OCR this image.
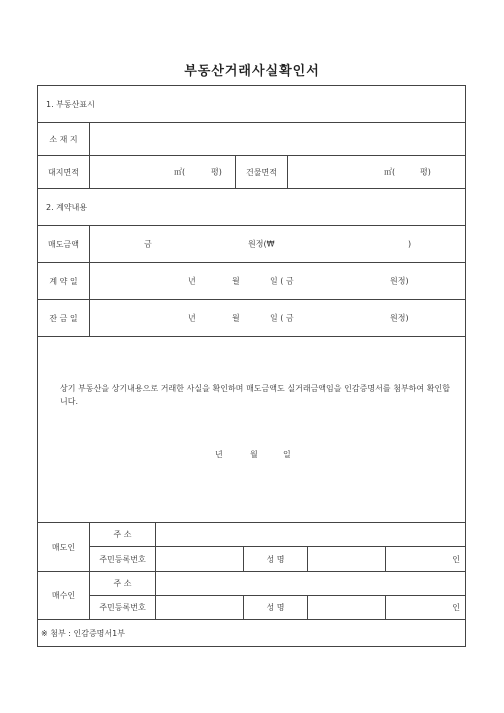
부동산거래사실확인서
1. 부동산표시
소 재 지
대지면적	㎡(	평)	건물면적	㎡(	평)
2. 계약내용
매도금액	금	원정(₩	)
계 약 일	년	월	일 ( 금	원정)
잔 금 일	년	월	일 ( 금	원정)
상기 부동산을 상기내용으로 거래한 사실을 확인하며 매도금액도 실거래금액임을 인감증명서를 첨부하여 확인합니다.
년	월	일
매도인
주 소
주민등록번호	성 명	인
매수인
주 소
주민등록번호	성 명	인
※ 첨부 : 인감증명서1부
